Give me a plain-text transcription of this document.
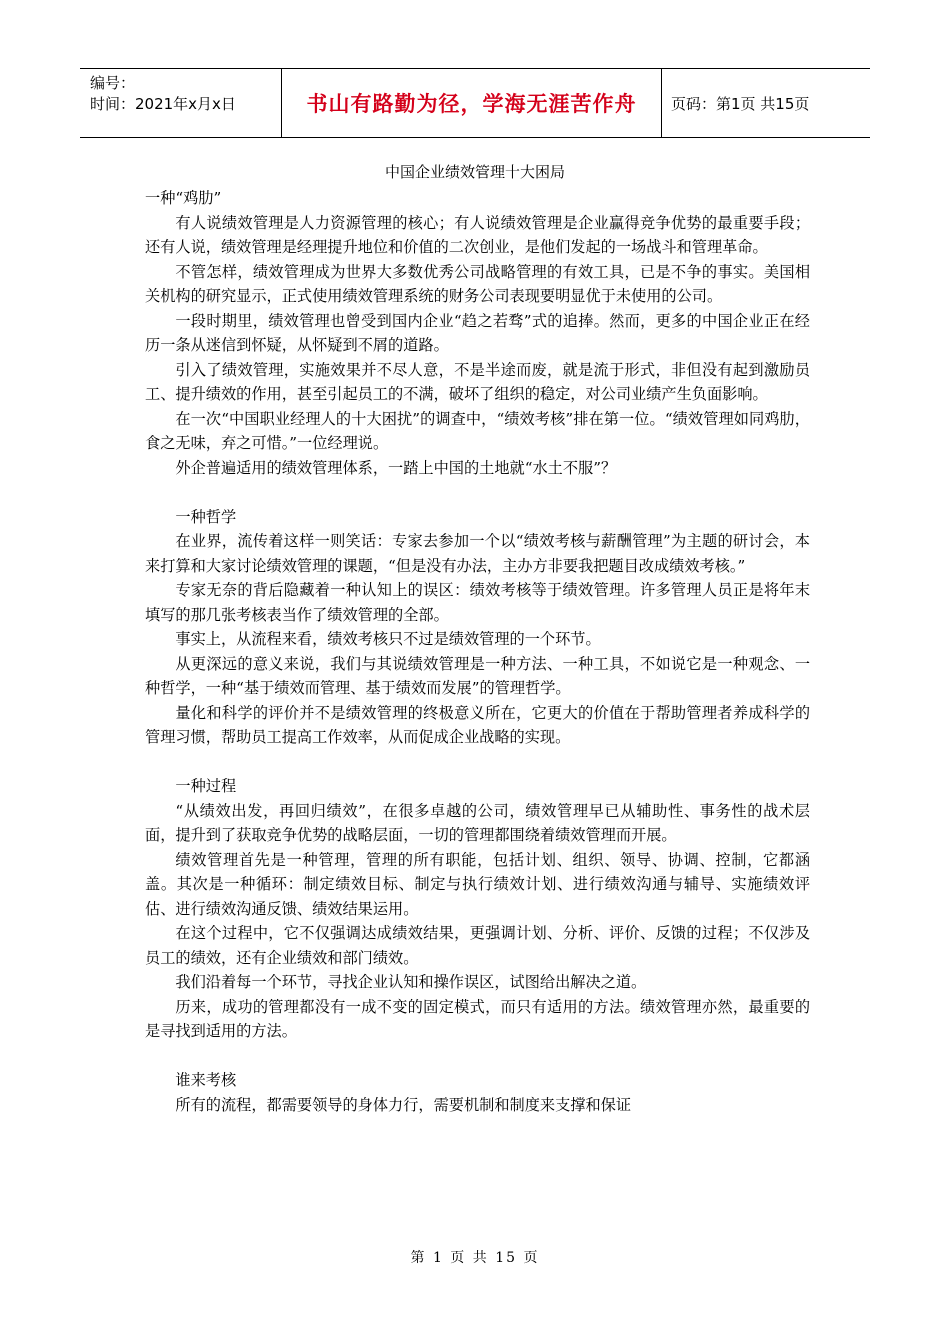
编号：
时间：2021年x月x日	书山有路勤为径，学海无涯苦作舟	页码：第1页 共15页
中国企业绩效管理十大困局

一种“鸡肋”

有人说绩效管理是人力资源管理的核心；有人说绩效管理是企业赢得竞争优势的最重要手段；还有人说，绩效管理是经理提升地位和价值的二次创业，是他们发起的一场战斗和管理革命。

不管怎样，绩效管理成为世界大多数优秀公司战略管理的有效工具，已是不争的事实。美国相关机构的研究显示，正式使用绩效管理系统的财务公司表现要明显优于未使用的公司。

一段时期里，绩效管理也曾受到国内企业“趋之若骛”式的追捧。然而，更多的中国企业正在经历一条从迷信到怀疑，从怀疑到不屑的道路。

引入了绩效管理，实施效果并不尽人意，不是半途而废，就是流于形式，非但没有起到激励员工、提升绩效的作用，甚至引起员工的不满，破坏了组织的稳定，对公司业绩产生负面影响。

在一次“中国职业经理人的十大困扰”的调查中，“绩效考核”排在第一位。“绩效管理如同鸡肋，食之无味，弃之可惜。”一位经理说。

外企普遍适用的绩效管理体系，一踏上中国的土地就“水土不服”？

一种哲学

在业界，流传着这样一则笑话：专家去参加一个以“绩效考核与薪酬管理”为主题的研讨会，本来打算和大家讨论绩效管理的课题，“但是没有办法，主办方非要我把题目改成绩效考核。”

专家无奈的背后隐藏着一种认知上的误区：绩效考核等于绩效管理。许多管理人员正是将年末填写的那几张考核表当作了绩效管理的全部。

事实上，从流程来看，绩效考核只不过是绩效管理的一个环节。

从更深远的意义来说，我们与其说绩效管理是一种方法、一种工具，不如说它是一种观念、一种哲学，一种“基于绩效而管理、基于绩效而发展”的管理哲学。

量化和科学的评价并不是绩效管理的终极意义所在，它更大的价值在于帮助管理者养成科学的管理习惯，帮助员工提高工作效率，从而促成企业战略的实现。

一种过程

“从绩效出发，再回归绩效”，在很多卓越的公司，绩效管理早已从辅助性、事务性的战术层面，提升到了获取竞争优势的战略层面，一切的管理都围绕着绩效管理而开展。

绩效管理首先是一种管理，管理的所有职能，包括计划、组织、领导、协调、控制，它都涵盖。其次是一种循环：制定绩效目标、制定与执行绩效计划、进行绩效沟通与辅导、实施绩效评估、进行绩效沟通反馈、绩效结果运用。

在这个过程中，它不仅强调达成绩效结果，更强调计划、分析、评价、反馈的过程；不仅涉及员工的绩效，还有企业绩效和部门绩效。

我们沿着每一个环节，寻找企业认知和操作误区，试图给出解决之道。

历来，成功的管理都没有一成不变的固定模式，而只有适用的方法。绩效管理亦然，最重要的是寻找到适用的方法。

谁来考核

所有的流程，都需要领导的身体力行，需要机制和制度来支撑和保证

第 1 页 共 15 页
